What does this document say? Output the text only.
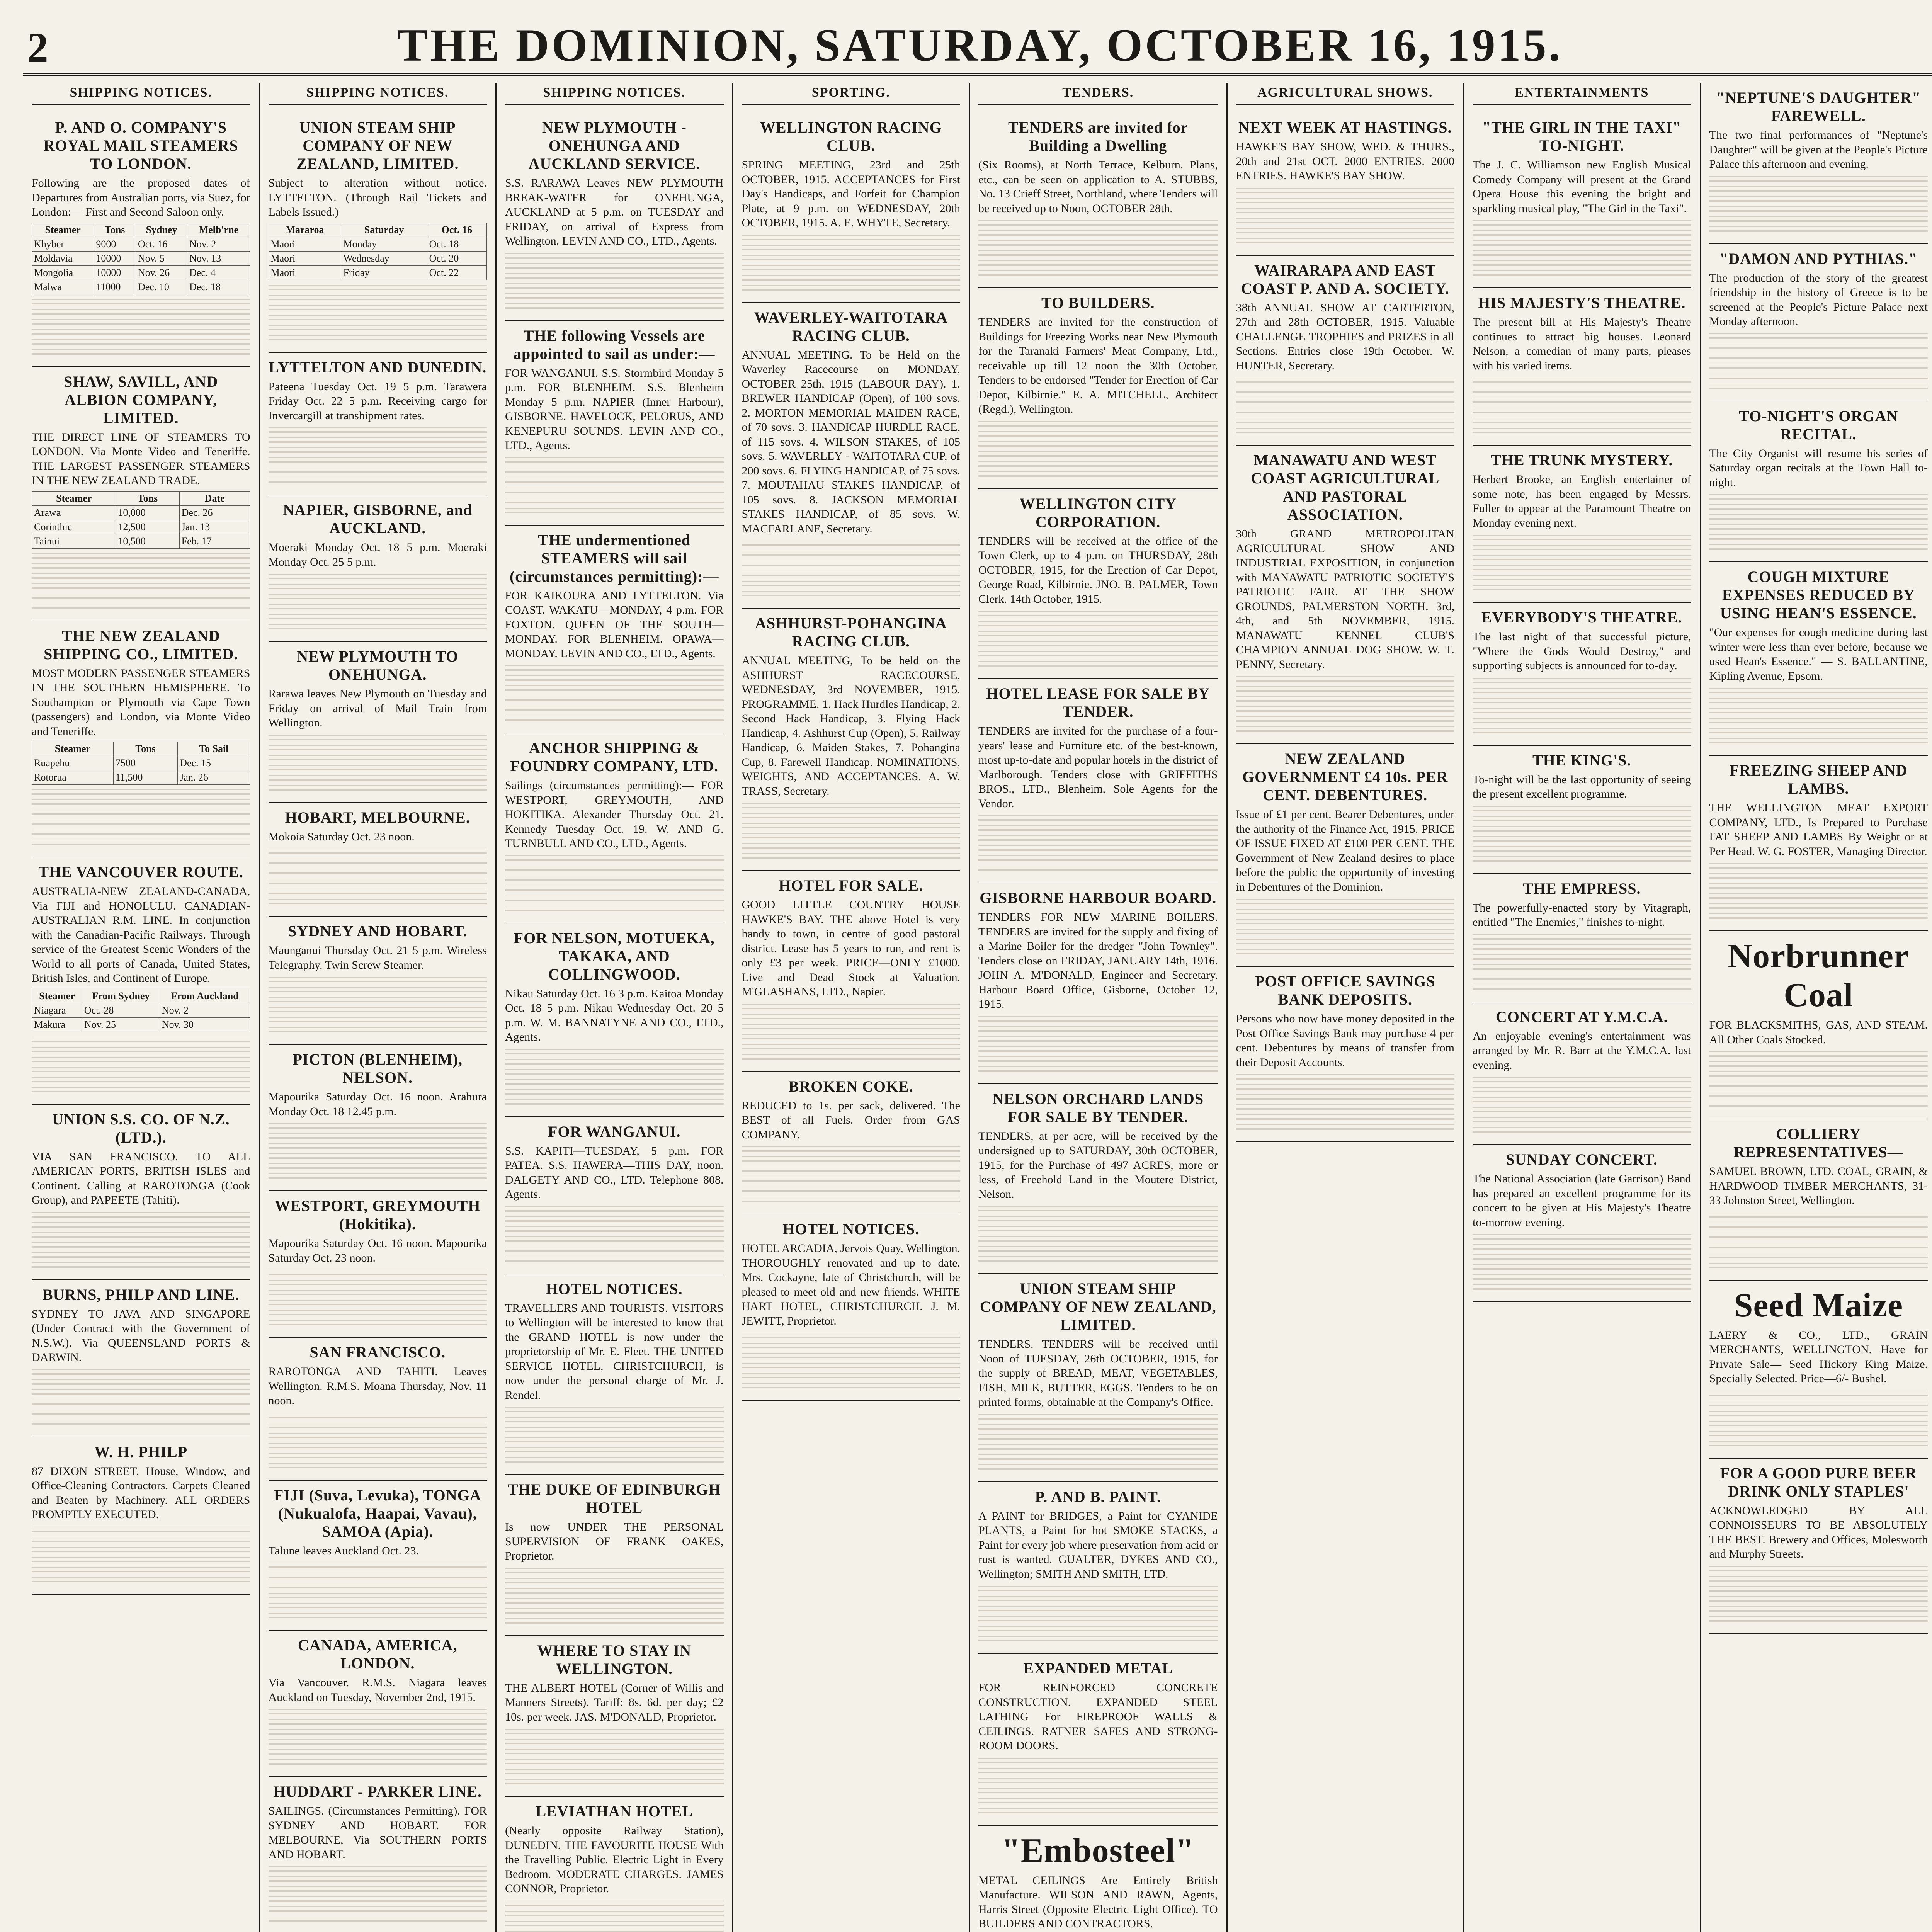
2	THE DOMINION, SATURDAY, OCTOBER 16, 1915.
SHIPPING NOTICES.
P. AND O. COMPANY'S ROYAL MAIL STEAMERS TO LONDON.

Following are the proposed dates of Departures from Australian ports, via Suez, for London:— First and Second Saloon only.

Steamer	Tons	Sydney	Melb'rne
Khyber	9000	Oct. 16	Nov. 2
Moldavia	10000	Nov. 5	Nov. 13
Mongolia	10000	Nov. 26	Dec. 4
Malwa	11000	Dec. 10	Dec. 18
SHAW, SAVILL, AND ALBION COMPANY, LIMITED.

THE DIRECT LINE OF STEAMERS TO LONDON. Via Monte Video and Teneriffe. THE LARGEST PASSENGER STEAMERS IN THE NEW ZEALAND TRADE.

Steamer	Tons	Date
Arawa	10,000	Dec. 26
Corinthic	12,500	Jan. 13
Tainui	10,500	Feb. 17
THE NEW ZEALAND SHIPPING CO., LIMITED.

MOST MODERN PASSENGER STEAMERS IN THE SOUTHERN HEMISPHERE. To Southampton or Plymouth via Cape Town (passengers) and London, via Monte Video and Teneriffe.

Steamer	Tons	To Sail
Ruapehu	7500	Dec. 15
Rotorua	11,500	Jan. 26
THE VANCOUVER ROUTE.

AUSTRALIA-NEW ZEALAND-CANADA, Via FIJI and HONOLULU. CANADIAN-AUSTRALIAN R.M. LINE. In conjunction with the Canadian-Pacific Railways. Through service of the Greatest Scenic Wonders of the World to all ports of Canada, United States, British Isles, and Continent of Europe.

Steamer	From Sydney	From Auckland
Niagara	Oct. 28	Nov. 2
Makura	Nov. 25	Nov. 30
UNION S.S. CO. OF N.Z. (LTD.).

VIA SAN FRANCISCO. TO ALL AMERICAN PORTS, BRITISH ISLES and Continent. Calling at RAROTONGA (Cook Group), and PAPEETE (Tahiti).

BURNS, PHILP AND LINE.

SYDNEY TO JAVA AND SINGAPORE (Under Contract with the Government of N.S.W.). Via QUEENSLAND PORTS & DARWIN.

W. H. PHILP

87 DIXON STREET. House, Window, and Office-Cleaning Contractors. Carpets Cleaned and Beaten by Machinery. ALL ORDERS PROMPTLY EXECUTED.

SHIPPING NOTICES.
UNION STEAM SHIP COMPANY OF NEW ZEALAND, LIMITED.

Subject to alteration without notice. LYTTELTON. (Through Rail Tickets and Labels Issued.)

Mararoa	Saturday	Oct. 16
Maori	Monday	Oct. 18
Maori	Wednesday	Oct. 20
Maori	Friday	Oct. 22
LYTTELTON AND DUNEDIN.

Pateena Tuesday Oct. 19 5 p.m. Tarawera Friday Oct. 22 5 p.m. Receiving cargo for Invercargill at transhipment rates.

NAPIER, GISBORNE, and AUCKLAND.

Moeraki Monday Oct. 18 5 p.m. Moeraki Monday Oct. 25 5 p.m.

NEW PLYMOUTH TO ONEHUNGA.

Rarawa leaves New Plymouth on Tuesday and Friday on arrival of Mail Train from Wellington.

HOBART, MELBOURNE.

Mokoia Saturday Oct. 23 noon.

SYDNEY AND HOBART.

Maunganui Thursday Oct. 21 5 p.m. Wireless Telegraphy. Twin Screw Steamer.

PICTON (BLENHEIM), NELSON.

Mapourika Saturday Oct. 16 noon. Arahura Monday Oct. 18 12.45 p.m.

WESTPORT, GREYMOUTH (Hokitika).

Mapourika Saturday Oct. 16 noon. Mapourika Saturday Oct. 23 noon.

SAN FRANCISCO.

RAROTONGA AND TAHITI. Leaves Wellington. R.M.S. Moana Thursday, Nov. 11 noon.

FIJI (Suva, Levuka), TONGA (Nukualofa, Haapai, Vavau), SAMOA (Apia).

Talune leaves Auckland Oct. 23.

CANADA, AMERICA, LONDON.

Via Vancouver. R.M.S. Niagara leaves Auckland on Tuesday, November 2nd, 1915.

HUDDART - PARKER LINE.

SAILINGS. (Circumstances Permitting). FOR SYDNEY AND HOBART. FOR MELBOURNE, Via SOUTHERN PORTS AND HOBART.

SHIPPING NOTICES.
NEW PLYMOUTH - ONEHUNGA AND AUCKLAND SERVICE.

S.S. RARAWA Leaves NEW PLYMOUTH BREAK-WATER for ONEHUNGA, AUCKLAND at 5 p.m. on TUESDAY and FRIDAY, on arrival of Express from Wellington. LEVIN AND CO., LTD., Agents.

THE following Vessels are appointed to sail as under:—

FOR WANGANUI. S.S. Stormbird Monday 5 p.m. FOR BLENHEIM. S.S. Blenheim Monday 5 p.m. NAPIER (Inner Harbour), GISBORNE. HAVELOCK, PELORUS, AND KENEPURU SOUNDS. LEVIN AND CO., LTD., Agents.

THE undermentioned STEAMERS will sail (circumstances permitting):—

FOR KAIKOURA AND LYTTELTON. Via COAST. WAKATU—MONDAY, 4 p.m. FOR FOXTON. QUEEN OF THE SOUTH—MONDAY. FOR BLENHEIM. OPAWA—MONDAY. LEVIN AND CO., LTD., Agents.

ANCHOR SHIPPING & FOUNDRY COMPANY, LTD.

Sailings (circumstances permitting):— FOR WESTPORT, GREYMOUTH, AND HOKITIKA. Alexander Thursday Oct. 21. Kennedy Tuesday Oct. 19. W. AND G. TURNBULL AND CO., LTD., Agents.

FOR NELSON, MOTUEKA, TAKAKA, AND COLLINGWOOD.

Nikau Saturday Oct. 16 3 p.m. Kaitoa Monday Oct. 18 5 p.m. Nikau Wednesday Oct. 20 5 p.m. W. M. BANNATYNE AND CO., LTD., Agents.

FOR WANGANUI.

S.S. KAPITI—TUESDAY, 5 p.m. FOR PATEA. S.S. HAWERA—THIS DAY, noon. DALGETY AND CO., LTD. Telephone 808. Agents.

HOTEL NOTICES.

TRAVELLERS AND TOURISTS. VISITORS to Wellington will be interested to know that the GRAND HOTEL is now under the proprietorship of Mr. E. Fleet. THE UNITED SERVICE HOTEL, CHRISTCHURCH, is now under the personal charge of Mr. J. Rendel.

THE DUKE OF EDINBURGH HOTEL

Is now UNDER THE PERSONAL SUPERVISION OF FRANK OAKES, Proprietor.

WHERE TO STAY IN WELLINGTON.

THE ALBERT HOTEL (Corner of Willis and Manners Streets). Tariff: 8s. 6d. per day; £2 10s. per week. JAS. M'DONALD, Proprietor.

LEVIATHAN HOTEL

(Nearly opposite Railway Station), DUNEDIN. THE FAVOURITE HOUSE With the Travelling Public. Electric Light in Every Bedroom. MODERATE CHARGES. JAMES CONNOR, Proprietor.

SPORTING.
WELLINGTON RACING CLUB.

SPRING MEETING, 23rd and 25th OCTOBER, 1915. ACCEPTANCES for First Day's Handicaps, and Forfeit for Champion Plate, at 9 p.m. on WEDNESDAY, 20th OCTOBER, 1915. A. E. WHYTE, Secretary.

WAVERLEY-WAITOTARA RACING CLUB.

ANNUAL MEETING. To be Held on the Waverley Racecourse on MONDAY, OCTOBER 25th, 1915 (LABOUR DAY). 1. BREWER HANDICAP (Open), of 100 sovs. 2. MORTON MEMORIAL MAIDEN RACE, of 70 sovs. 3. HANDICAP HURDLE RACE, of 115 sovs. 4. WILSON STAKES, of 105 sovs. 5. WAVERLEY - WAITOTARA CUP, of 200 sovs. 6. FLYING HANDICAP, of 75 sovs. 7. MOUTAHAU STAKES HANDICAP, of 105 sovs. 8. JACKSON MEMORIAL STAKES HANDICAP, of 85 sovs. W. MACFARLANE, Secretary.

ASHHURST-POHANGINA RACING CLUB.

ANNUAL MEETING, To be held on the ASHHURST RACECOURSE, WEDNESDAY, 3rd NOVEMBER, 1915. PROGRAMME. 1. Hack Hurdles Handicap, 2. Second Hack Handicap, 3. Flying Hack Handicap, 4. Ashhurst Cup (Open), 5. Railway Handicap, 6. Maiden Stakes, 7. Pohangina Cup, 8. Farewell Handicap. NOMINATIONS, WEIGHTS, AND ACCEPTANCES. A. W. TRASS, Secretary.

HOTEL FOR SALE.

GOOD LITTLE COUNTRY HOUSE HAWKE'S BAY. THE above Hotel is very handy to town, in centre of good pastoral district. Lease has 5 years to run, and rent is only £3 per week. PRICE—ONLY £1000. Live and Dead Stock at Valuation. M'GLASHANS, LTD., Napier.

BROKEN COKE.

REDUCED to 1s. per sack, delivered. The BEST of all Fuels. Order from GAS COMPANY.

HOTEL NOTICES.

HOTEL ARCADIA, Jervois Quay, Wellington. THOROUGHLY renovated and up to date. Mrs. Cockayne, late of Christchurch, will be pleased to meet old and new friends. WHITE HART HOTEL, CHRISTCHURCH. J. M. JEWITT, Proprietor.

TENDERS.
TENDERS are invited for Building a Dwelling

(Six Rooms), at North Terrace, Kelburn. Plans, etc., can be seen on application to A. STUBBS, No. 13 Crieff Street, Northland, where Tenders will be received up to Noon, OCTOBER 28th.

TO BUILDERS.

TENDERS are invited for the construction of Buildings for Freezing Works near New Plymouth for the Taranaki Farmers' Meat Company, Ltd., receivable up till 12 noon the 30th October. Tenders to be endorsed "Tender for Erection of Car Depot, Kilbirnie." E. A. MITCHELL, Architect (Regd.), Wellington.

WELLINGTON CITY CORPORATION.

TENDERS will be received at the office of the Town Clerk, up to 4 p.m. on THURSDAY, 28th OCTOBER, 1915, for the Erection of Car Depot, George Road, Kilbirnie. JNO. B. PALMER, Town Clerk. 14th October, 1915.

HOTEL LEASE FOR SALE BY TENDER.

TENDERS are invited for the purchase of a four-years' lease and Furniture etc. of the best-known, most up-to-date and popular hotels in the district of Marlborough. Tenders close with GRIFFITHS BROS., LTD., Blenheim, Sole Agents for the Vendor.

GISBORNE HARBOUR BOARD.

TENDERS FOR NEW MARINE BOILERS. TENDERS are invited for the supply and fixing of a Marine Boiler for the dredger "John Townley". Tenders close on FRIDAY, JANUARY 14th, 1916. JOHN A. M'DONALD, Engineer and Secretary. Harbour Board Office, Gisborne, October 12, 1915.

NELSON ORCHARD LANDS FOR SALE BY TENDER.

TENDERS, at per acre, will be received by the undersigned up to SATURDAY, 30th OCTOBER, 1915, for the Purchase of 497 ACRES, more or less, of Freehold Land in the Moutere District, Nelson.

UNION STEAM SHIP COMPANY OF NEW ZEALAND, LIMITED.

TENDERS. TENDERS will be received until Noon of TUESDAY, 26th OCTOBER, 1915, for the supply of BREAD, MEAT, VEGETABLES, FISH, MILK, BUTTER, EGGS. Tenders to be on printed forms, obtainable at the Company's Office.

P. AND B. PAINT.

A PAINT for BRIDGES, a Paint for CYANIDE PLANTS, a Paint for hot SMOKE STACKS, a Paint for every job where preservation from acid or rust is wanted. GUALTER, DYKES AND CO., Wellington; SMITH AND SMITH, LTD.

EXPANDED METAL

FOR REINFORCED CONCRETE CONSTRUCTION. EXPANDED STEEL LATHING For FIREPROOF WALLS & CEILINGS. RATNER SAFES AND STRONG-ROOM DOORS.

"Embosteel"

METAL CEILINGS Are Entirely British Manufacture. WILSON AND RAWN, Agents, Harris Street (Opposite Electric Light Office). TO BUILDERS AND CONTRACTORS.

AGRICULTURAL SHOWS.
NEXT WEEK AT HASTINGS.

HAWKE'S BAY SHOW, WED. & THURS., 20th and 21st OCT. 2000 ENTRIES. 2000 ENTRIES. HAWKE'S BAY SHOW.

WAIRARAPA AND EAST COAST P. AND A. SOCIETY.

38th ANNUAL SHOW AT CARTERTON, 27th and 28th OCTOBER, 1915. Valuable CHALLENGE TROPHIES and PRIZES in all Sections. Entries close 19th October. W. HUNTER, Secretary.

MANAWATU AND WEST COAST AGRICULTURAL AND PASTORAL ASSOCIATION.

30th GRAND METROPOLITAN AGRICULTURAL SHOW AND INDUSTRIAL EXPOSITION, in conjunction with MANAWATU PATRIOTIC SOCIETY'S PATRIOTIC FAIR. AT THE SHOW GROUNDS, PALMERSTON NORTH. 3rd, 4th, and 5th NOVEMBER, 1915. MANAWATU KENNEL CLUB'S CHAMPION ANNUAL DOG SHOW. W. T. PENNY, Secretary.

NEW ZEALAND GOVERNMENT £4 10s. PER CENT. DEBENTURES.

Issue of £1 per cent. Bearer Debentures, under the authority of the Finance Act, 1915. PRICE OF ISSUE FIXED AT £100 PER CENT. THE Government of New Zealand desires to place before the public the opportunity of investing in Debentures of the Dominion.

POST OFFICE SAVINGS BANK DEPOSITS.

Persons who now have money deposited in the Post Office Savings Bank may purchase 4 per cent. Debentures by means of transfer from their Deposit Accounts.

ENTERTAINMENTS
"THE GIRL IN THE TAXI" TO-NIGHT.

The J. C. Williamson new English Musical Comedy Company will present at the Grand Opera House this evening the bright and sparkling musical play, "The Girl in the Taxi".

HIS MAJESTY'S THEATRE.

The present bill at His Majesty's Theatre continues to attract big houses. Leonard Nelson, a comedian of many parts, pleases with his varied items.

THE TRUNK MYSTERY.

Herbert Brooke, an English entertainer of some note, has been engaged by Messrs. Fuller to appear at the Paramount Theatre on Monday evening next.

EVERYBODY'S THEATRE.

The last night of that successful picture, "Where the Gods Would Destroy," and supporting subjects is announced for to-day.

THE KING'S.

To-night will be the last opportunity of seeing the present excellent programme.

THE EMPRESS.

The powerfully-enacted story by Vitagraph, entitled "The Enemies," finishes to-night.

CONCERT AT Y.M.C.A.

An enjoyable evening's entertainment was arranged by Mr. R. Barr at the Y.M.C.A. last evening.

SUNDAY CONCERT.

The National Association (late Garrison) Band has prepared an excellent programme for its concert to be given at His Majesty's Theatre to-morrow evening.

"NEPTUNE'S DAUGHTER" FAREWELL.

The two final performances of "Neptune's Daughter" will be given at the People's Picture Palace this afternoon and evening.

"DAMON AND PYTHIAS."

The production of the story of the greatest friendship in the history of Greece is to be screened at the People's Picture Palace next Monday afternoon.

TO-NIGHT'S ORGAN RECITAL.

The City Organist will resume his series of Saturday organ recitals at the Town Hall to-night.

COUGH MIXTURE EXPENSES REDUCED BY USING HEAN'S ESSENCE.

"Our expenses for cough medicine during last winter were less than ever before, because we used Hean's Essence." — S. BALLANTINE, Kipling Avenue, Epsom.

FREEZING SHEEP AND LAMBS.

THE WELLINGTON MEAT EXPORT COMPANY, LTD., Is Prepared to Purchase FAT SHEEP AND LAMBS By Weight or at Per Head. W. G. FOSTER, Managing Director.

Norbrunner Coal

FOR BLACKSMITHS, GAS, AND STEAM. All Other Coals Stocked.

COLLIERY REPRESENTATIVES—

SAMUEL BROWN, LTD. COAL, GRAIN, & HARDWOOD TIMBER MERCHANTS, 31-33 Johnston Street, Wellington.

Seed Maize

LAERY & CO., LTD., GRAIN MERCHANTS, WELLINGTON. Have for Private Sale— Seed Hickory King Maize. Specially Selected. Price—6/- Bushel.

FOR A GOOD PURE BEER DRINK ONLY STAPLES'

ACKNOWLEDGED BY ALL CONNOISSEURS TO BE ABSOLUTELY THE BEST. Brewery and Offices, Molesworth and Murphy Streets.
